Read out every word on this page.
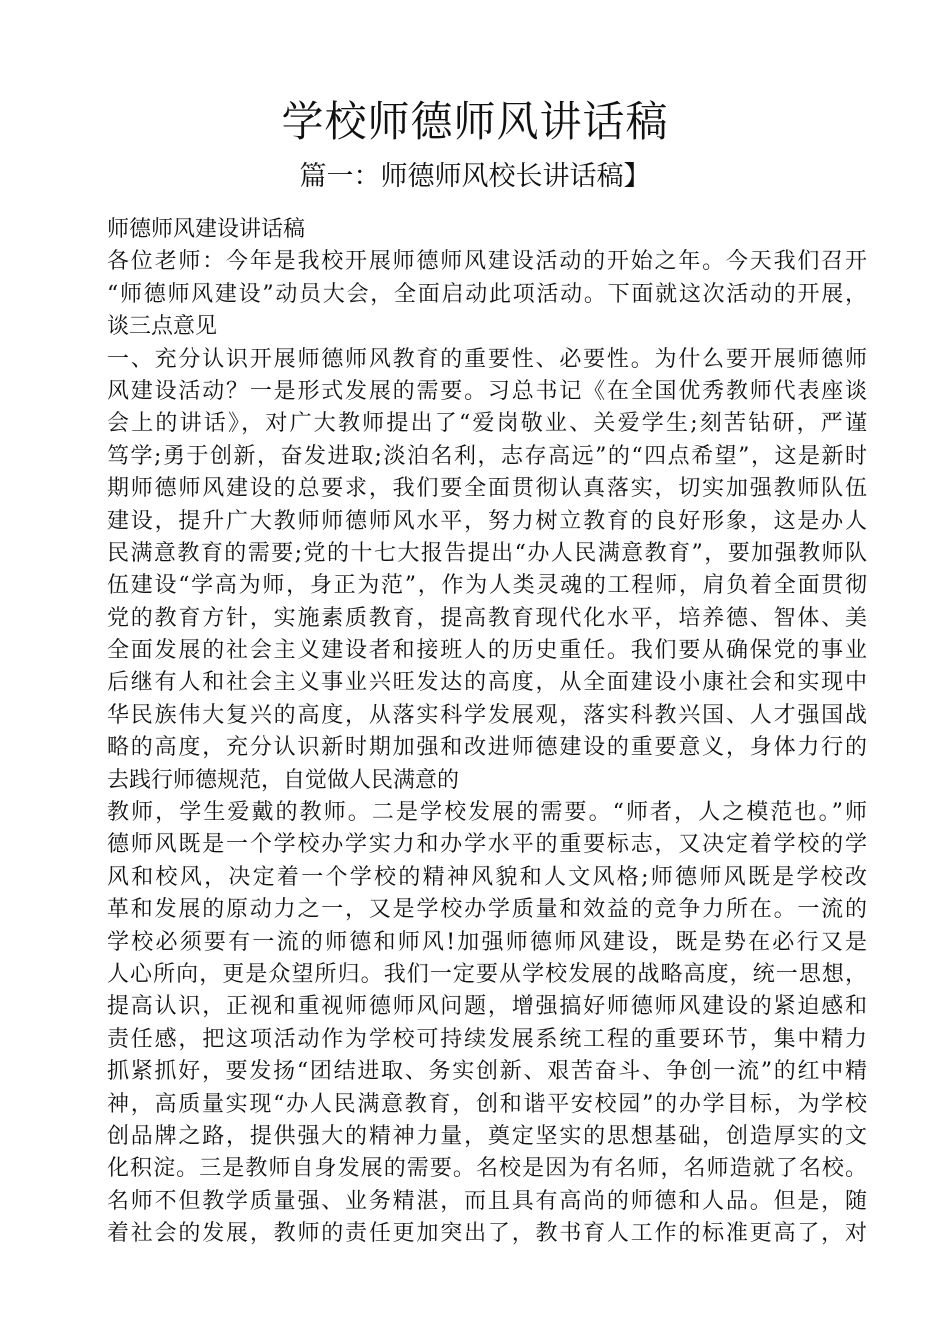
学校师德师风讲话稿
篇一：师德师风校长讲话稿】
师德师风建设讲话稿
各位老师：今年是我校开展师德师风建设活动的开始之年。今天我们召开
“师德师风建设”动员大会，全面启动此项活动。下面就这次活动的开展，
谈三点意见
一、充分认识开展师德师风教育的重要性、必要性。为什么要开展师德师
风建设活动？一是形式发展的需要。习总书记《在全国优秀教师代表座谈
会上的讲话》，对广大教师提出了“爱岗敬业、关爱学生;刻苦钻研，严谨
笃学;勇于创新，奋发进取;淡泊名利，志存高远”的“四点希望”，这是新时
期师德师风建设的总要求，我们要全面贯彻认真落实，切实加强教师队伍
建设，提升广大教师师德师风水平，努力树立教育的良好形象，这是办人
民满意教育的需要;党的十七大报告提出“办人民满意教育”，要加强教师队
伍建设“学高为师，身正为范”，作为人类灵魂的工程师，肩负着全面贯彻
党的教育方针，实施素质教育，提高教育现代化水平，培养德、智体、美
全面发展的社会主义建设者和接班人的历史重任。我们要从确保党的事业
后继有人和社会主义事业兴旺发达的高度，从全面建设小康社会和实现中
华民族伟大复兴的高度，从落实科学发展观，落实科教兴国、人才强国战
略的高度，充分认识新时期加强和改进师德建设的重要意义，身体力行的
去践行师德规范，自觉做人民满意的
教师，学生爱戴的教师。二是学校发展的需要。“师者，人之模范也。”师
德师风既是一个学校办学实力和办学水平的重要标志，又决定着学校的学
风和校风，决定着一个学校的精神风貌和人文风格;师德师风既是学校改
革和发展的原动力之一，又是学校办学质量和效益的竞争力所在。一流的
学校必须要有一流的师德和师风!加强师德师风建设，既是势在必行又是
人心所向，更是众望所归。我们一定要从学校发展的战略高度，统一思想，
提高认识，正视和重视师德师风问题，增强搞好师德师风建设的紧迫感和
责任感，把这项活动作为学校可持续发展系统工程的重要环节，集中精力
抓紧抓好，要发扬“团结进取、务实创新、艰苦奋斗、争创一流”的红中精
神，高质量实现“办人民满意教育，创和谐平安校园”的办学目标，为学校
创品牌之路，提供强大的精神力量，奠定坚实的思想基础，创造厚实的文
化积淀。三是教师自身发展的需要。名校是因为有名师，名师造就了名校。
名师不但教学质量强、业务精湛，而且具有高尚的师德和人品。但是，随
着社会的发展，教师的责任更加突出了，教书育人工作的标准更高了，对
